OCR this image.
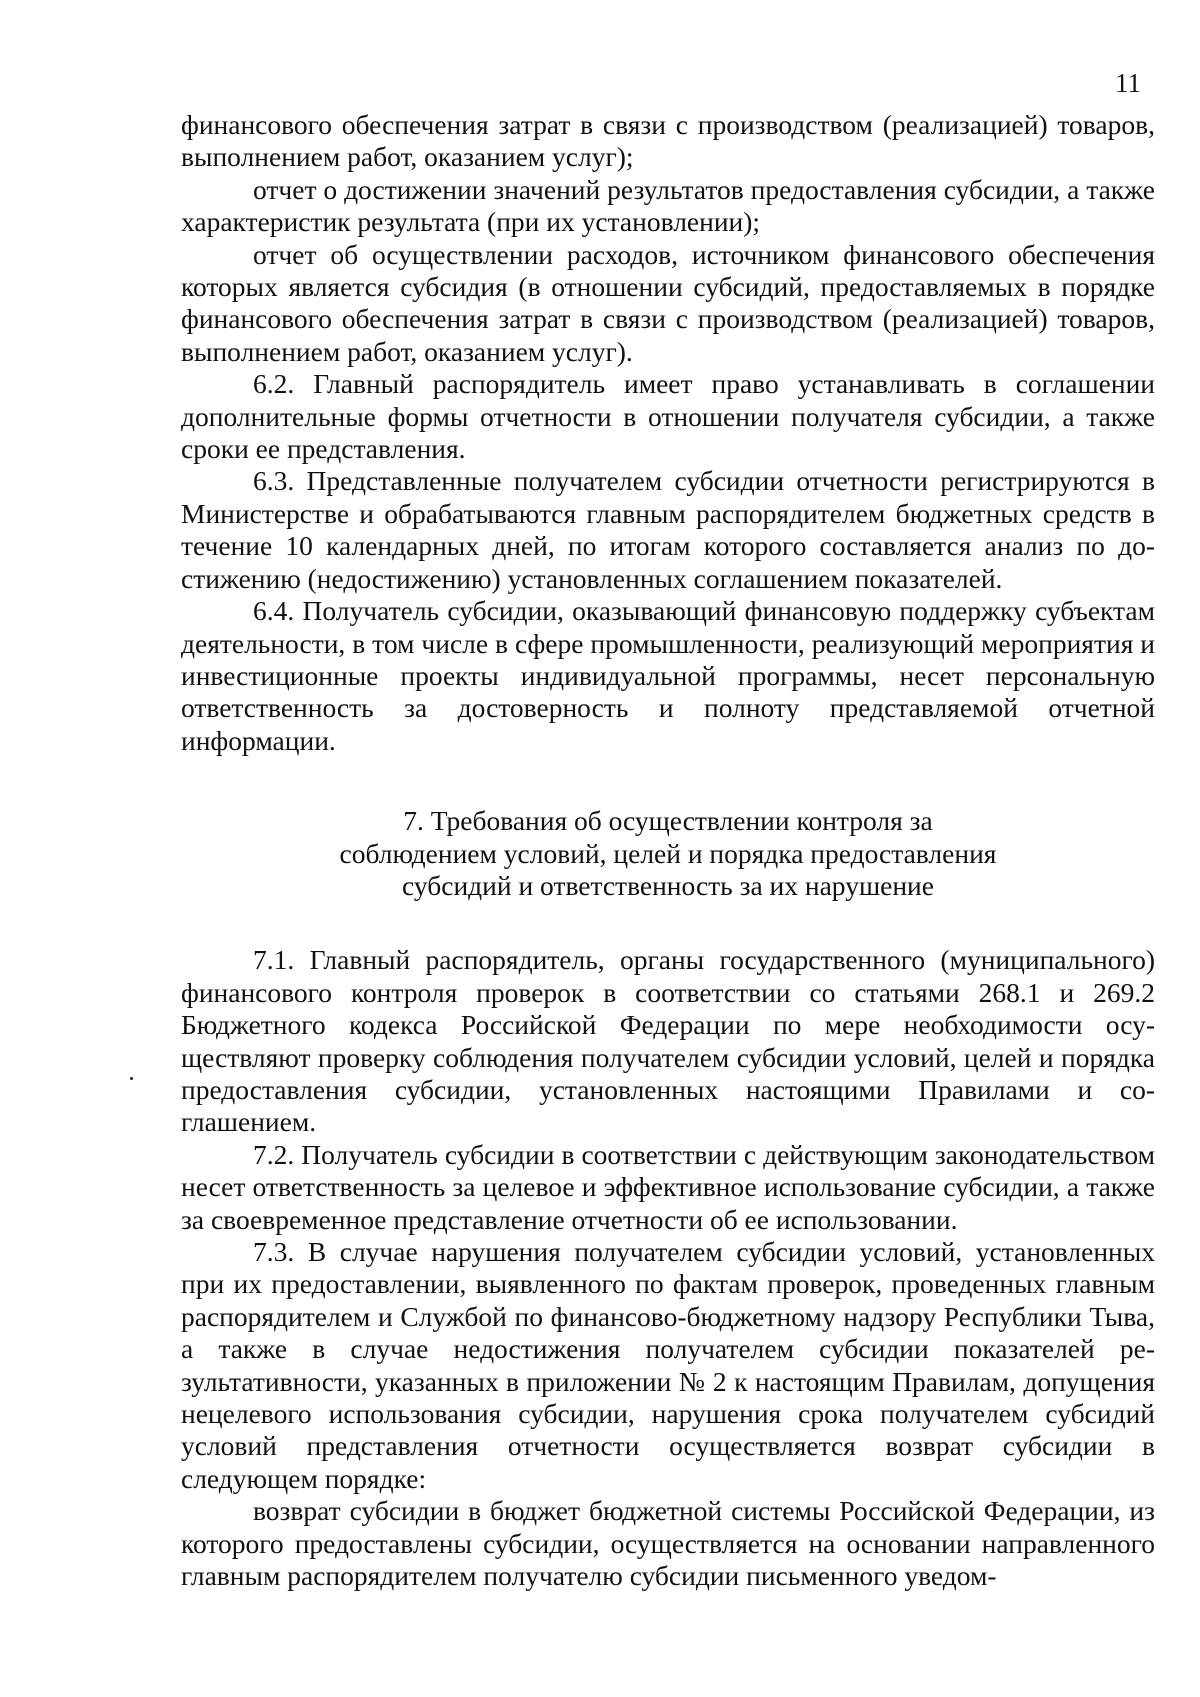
11

финансового обеспечения затрат в связи с производством (реализацией) товаров, выполнением работ, оказанием услуг);

отчет о достижении значений результатов предоставления субсидии, а также характеристик результата (при их установлении);

отчет об осуществлении расходов, источником финансового обеспечения которых является субсидия (в отношении субсидий, предоставляемых в порядке финансового обеспечения затрат в связи с производством (реализацией) товаров, выполнением работ, оказанием услуг).

6.2. Главный распорядитель имеет право устанавливать в соглашении дополнительные формы отчетности в отношении получателя субсидии, а также сроки ее представления.

6.3. Представленные получателем субсидии отчетности регистрируются в Министерстве и обрабатываются главным распорядителем бюджетных средств в течение 10 календарных дней, по итогам которого составляется анализ по достижению (недостижению) установленных соглашением показателей.

6.4. Получатель субсидии, оказывающий финансовую поддержку субъектам деятельности, в том числе в сфере промышленности, реализующий мероприятия и инвестиционные проекты индивидуальной программы, несет персональную ответственность за достоверность и полноту представляемой отчетной информации.

7. Требования об осуществлении контроля за
соблюдением условий, целей и порядка предоставления
субсидий и ответственность за их нарушение

7.1. Главный распорядитель, органы государственного (муниципального) финансового контроля проверок в соответствии со статьями 268.1 и 269.2 Бюджетного кодекса Российской Федерации по мере необходимости осуществляют проверку соблюдения получателем субсидии условий, целей и порядка предоставления субсидии, установленных настоящими Правилами и соглашением.

7.2. Получатель субсидии в соответствии с действующим законодательством несет ответственность за целевое и эффективное использование субсидии, а также за своевременное представление отчетности об ее использовании.

7.3. В случае нарушения получателем субсидии условий, установленных при их предоставлении, выявленного по фактам проверок, проведенных главным распорядителем и Службой по финансово-бюджетному надзору Республики Тыва, а также в случае недостижения получателем субсидии показателей результативности, указанных в приложении № 2 к настоящим Правилам, допущения нецелевого использования субсидии, нарушения срока получателем субсидий условий представления отчетности осуществляется возврат субсидии в следующем порядке:

возврат субсидии в бюджет бюджетной системы Российской Федерации, из которого предоставлены субсидии, осуществляется на основании направленного главным распорядителем получателю субсидии письменного уведом-
